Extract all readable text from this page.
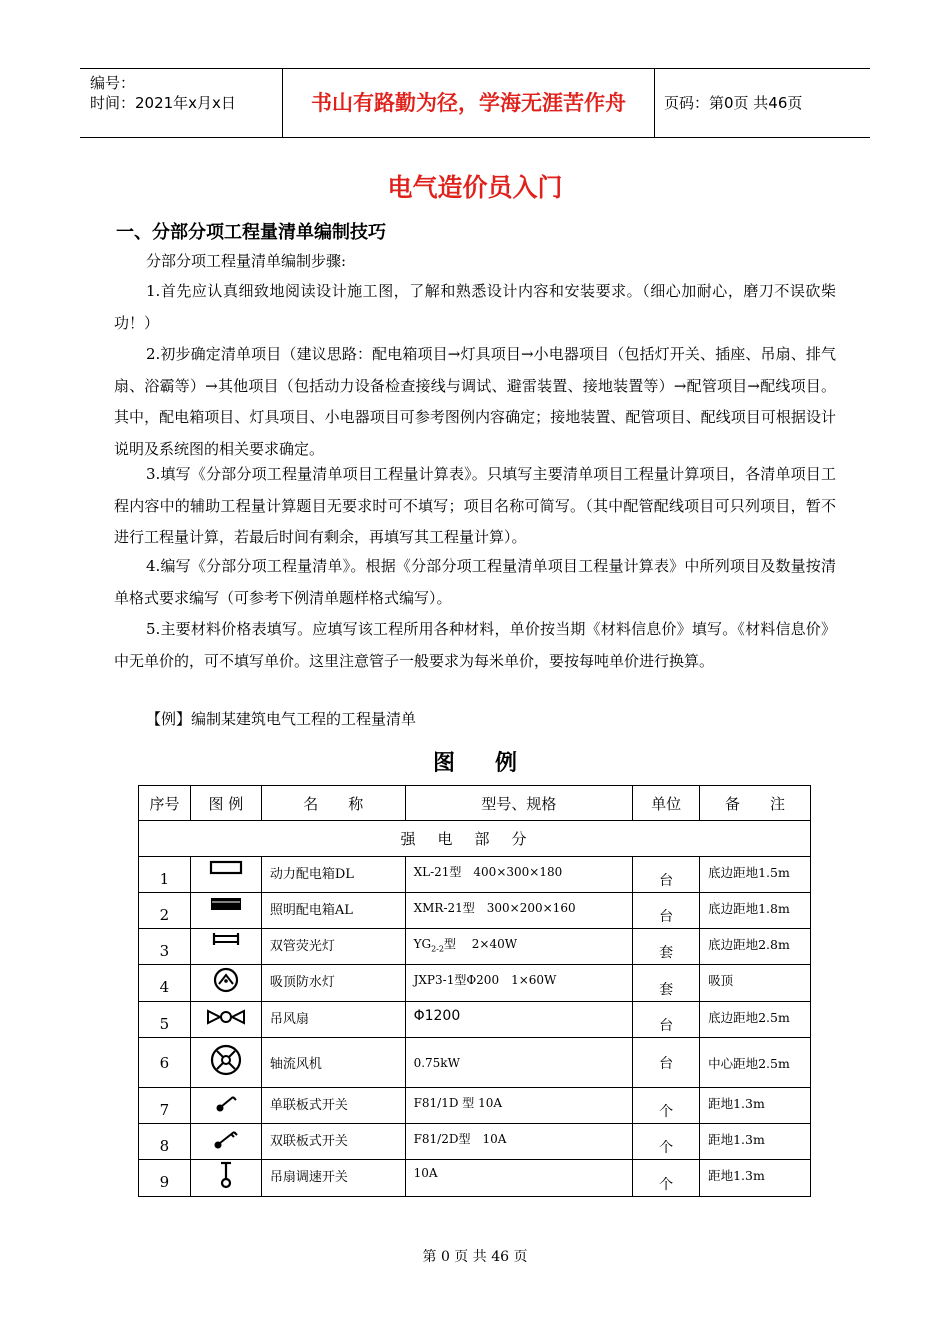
编号：
时间：2021年x月x日	书山有路勤为径，学海无涯苦作舟	页码：第0页 共46页
电气造价员入门
一、分部分项工程量清单编制技巧
分部分项工程量清单编制步骤:
1.首先应认真细致地阅读设计施工图，了解和熟悉设计内容和安装要求。（细心加耐心，磨刀不误砍柴功！）
2.初步确定清单项目（建议思路：配电箱项目→灯具项目→小电器项目（包括灯开关、插座、吊扇、排气扇、浴霸等）→其他项目（包括动力设备检查接线与调试、避雷装置、接地装置等）→配管项目→配线项目。其中，配电箱项目、灯具项目、小电器项目可参考图例内容确定；接地装置、配管项目、配线项目可根据设计说明及系统图的相关要求确定。
3.填写《分部分项工程量清单项目工程量计算表》。只填写主要清单项目工程量计算项目，各清单项目工程内容中的辅助工程量计算题目无要求时可不填写；项目名称可简写。（其中配管配线项目可只列项目，暂不进行工程量计算，若最后时间有剩余，再填写其工程量计算）。
4.编写《分部分项工程量清单》。根据《分部分项工程量清单项目工程量计算表》中所列项目及数量按清单格式要求编写（可参考下例清单题样格式编写）。
5.主要材料价格表填写。应填写该工程所用各种材料，单价按当期《材料信息价》填写。《材料信息价》中无单价的，可不填写单价。这里注意管子一般要求为每米单价，要按每吨单价进行换算。
【例】编制某建筑电气工程的工程量清单
图例
序号	图 例	名　　称	型号、规格	单位	备　　注
强电部分					
1		动力配电箱DL	XL-21型　400×300×180	台	底边距地1.5m
2		照明配电箱AL	XMR-21型　300×200×160	台	底边距地1.8m
3		双管荧光灯	$YG_{2-2}$型　 2×40W	套	底边距地2.8m
4		吸顶防水灯	JXP3-1型Φ200　1×60W	套	吸顶
5		吊风扇	Φ1200	台	底边距地2.5m
6		轴流风机	0.75kW	台	中心距地2.5m
7		单联板式开关	F81/1D 型 10A	个	距地1.3m
8		双联板式开关	F81/2D型　10A	个	距地1.3m
9		吊扇调速开关	10A	个	距地1.3m
第 0 页 共 46 页
